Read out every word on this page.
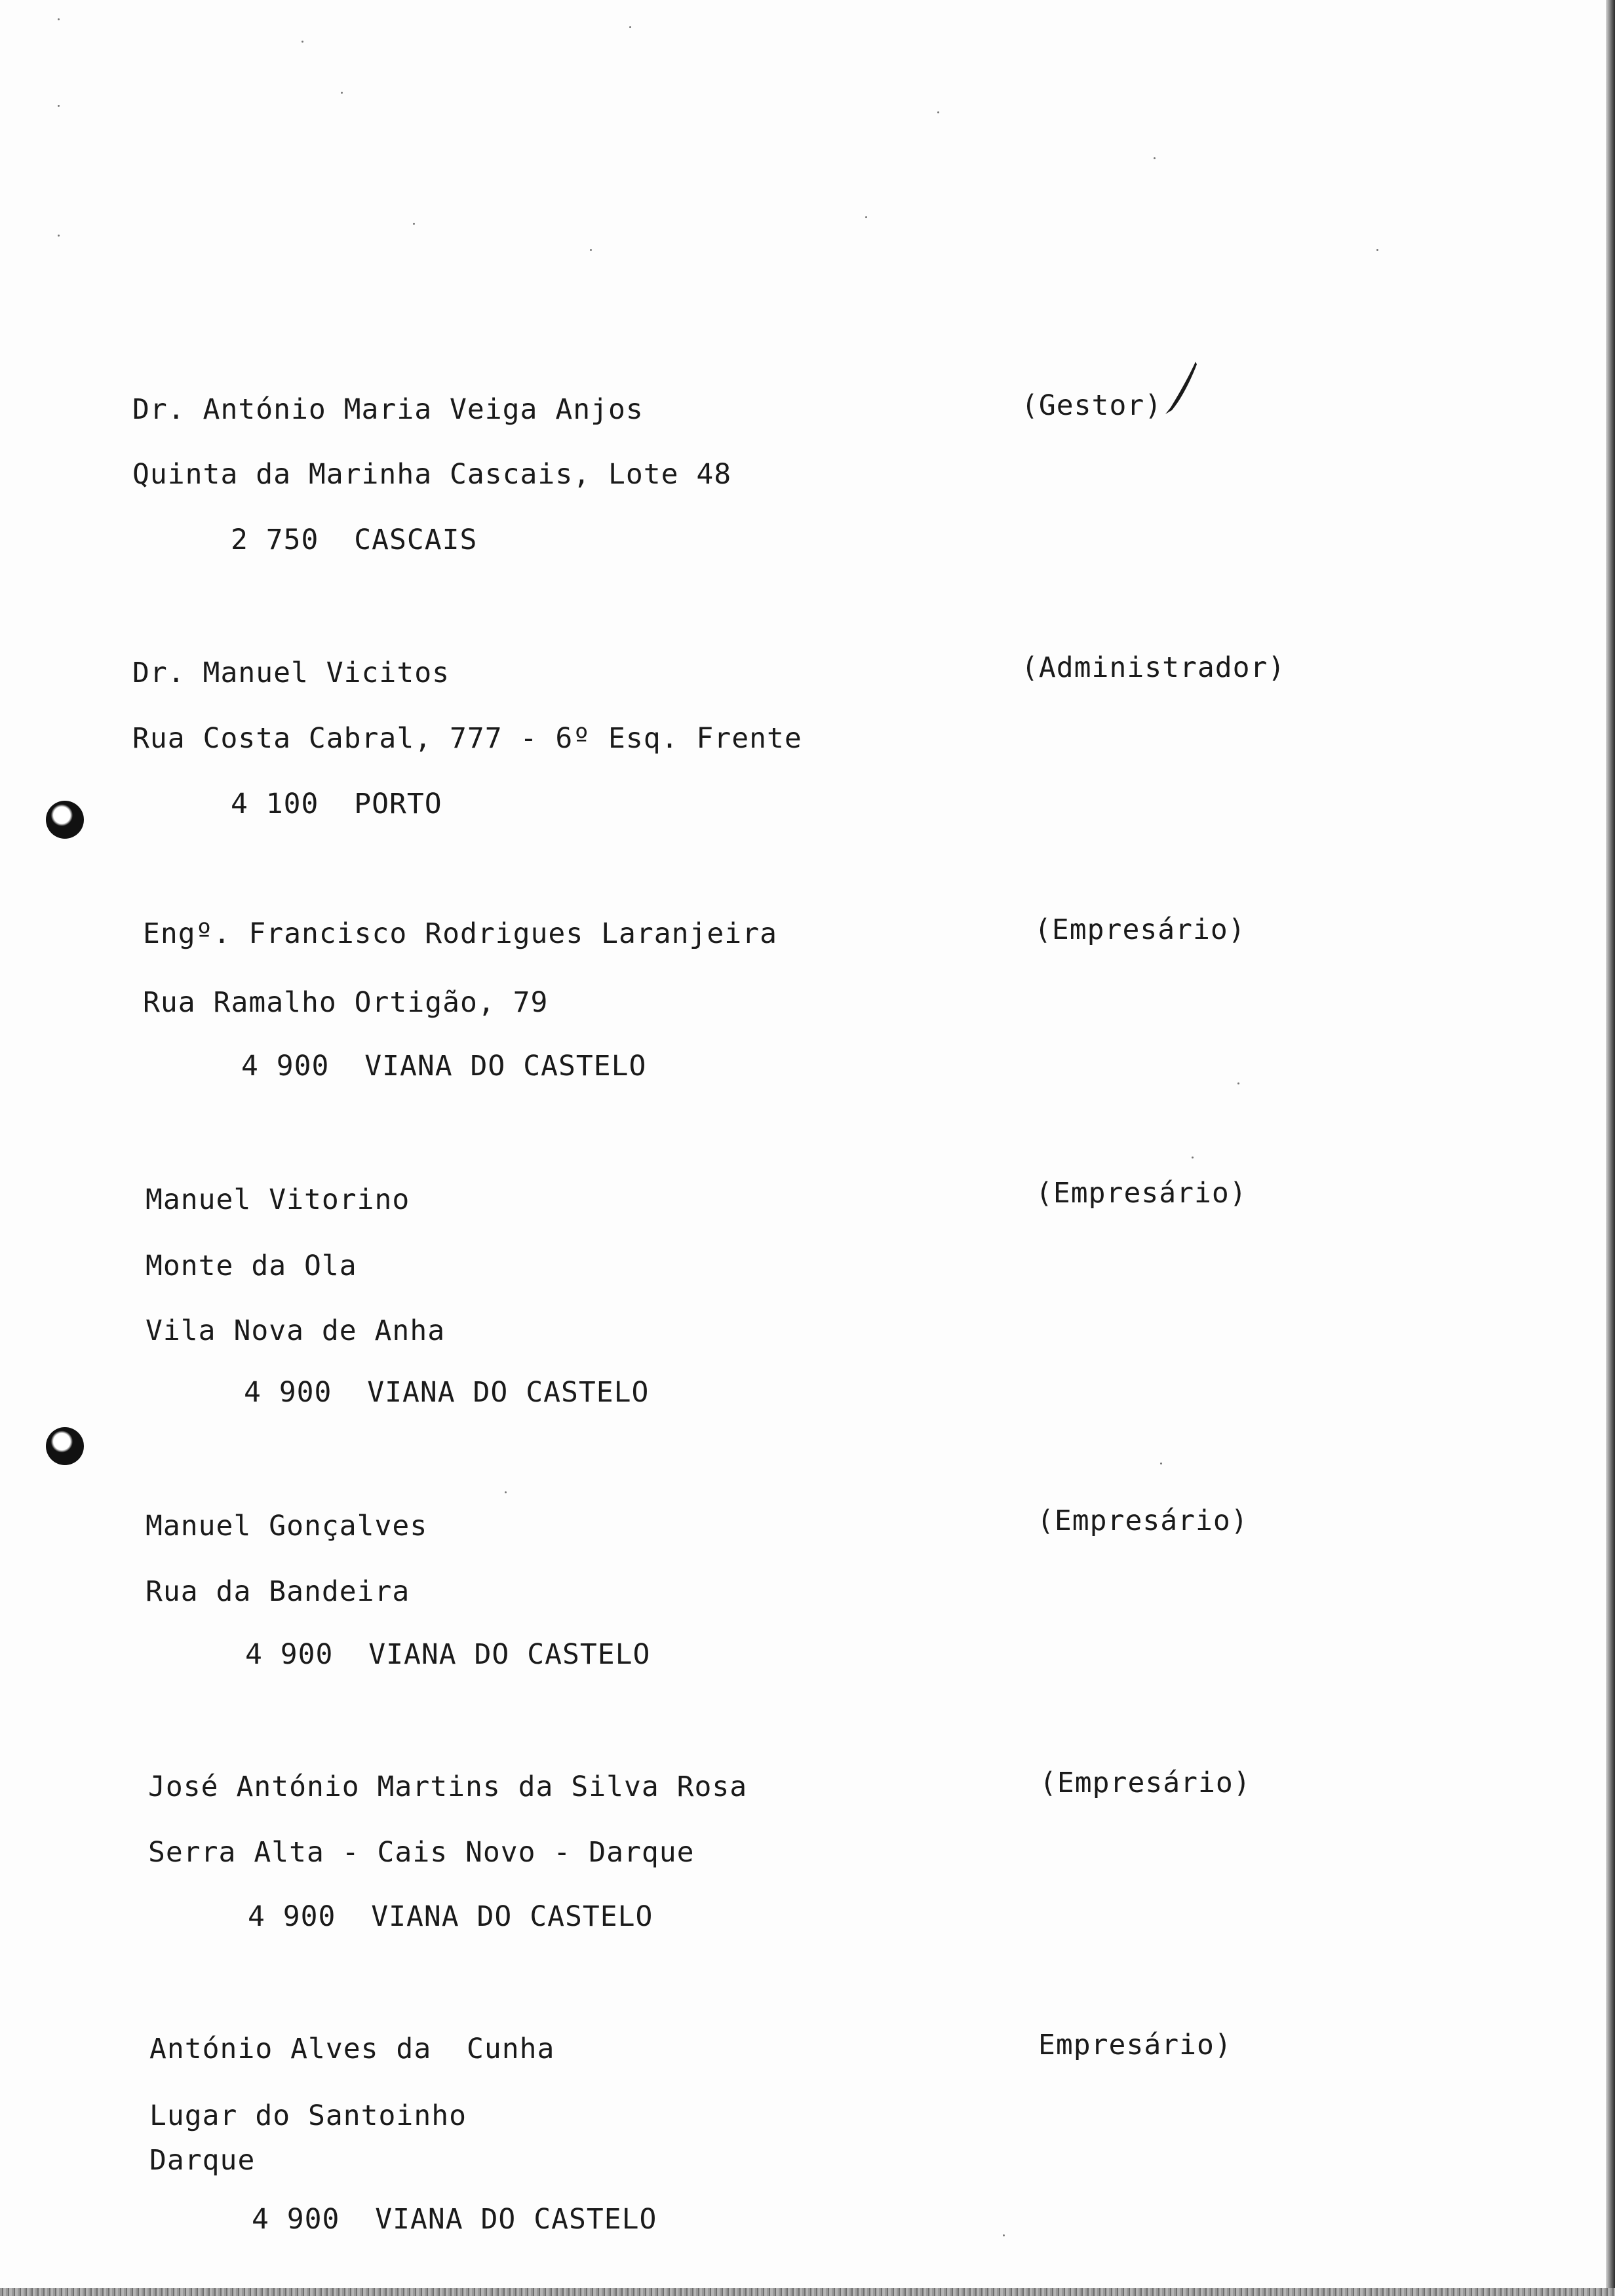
Dr. António Maria Veiga Anjos	(Gestor)
Quinta da Marinha Cascais, Lote 48
2 750  CASCAIS
Dr. Manuel Vicitos	(Administrador)
Rua Costa Cabral, 777 - 6º Esq. Frente
4 100  PORTO
Engº. Francisco Rodrigues Laranjeira	(Empresário)
Rua Ramalho Ortigão, 79
4 900  VIANA DO CASTELO
Manuel Vitorino	(Empresário)
Monte da Ola
Vila Nova de Anha
4 900  VIANA DO CASTELO
Manuel Gonçalves	(Empresário)
Rua da Bandeira
4 900  VIANA DO CASTELO
José António Martins da Silva Rosa	(Empresário)
Serra Alta - Cais Novo - Darque
4 900  VIANA DO CASTELO
António Alves da  Cunha	Empresário)
Lugar do Santoinho
Darque
4 900  VIANA DO CASTELO
